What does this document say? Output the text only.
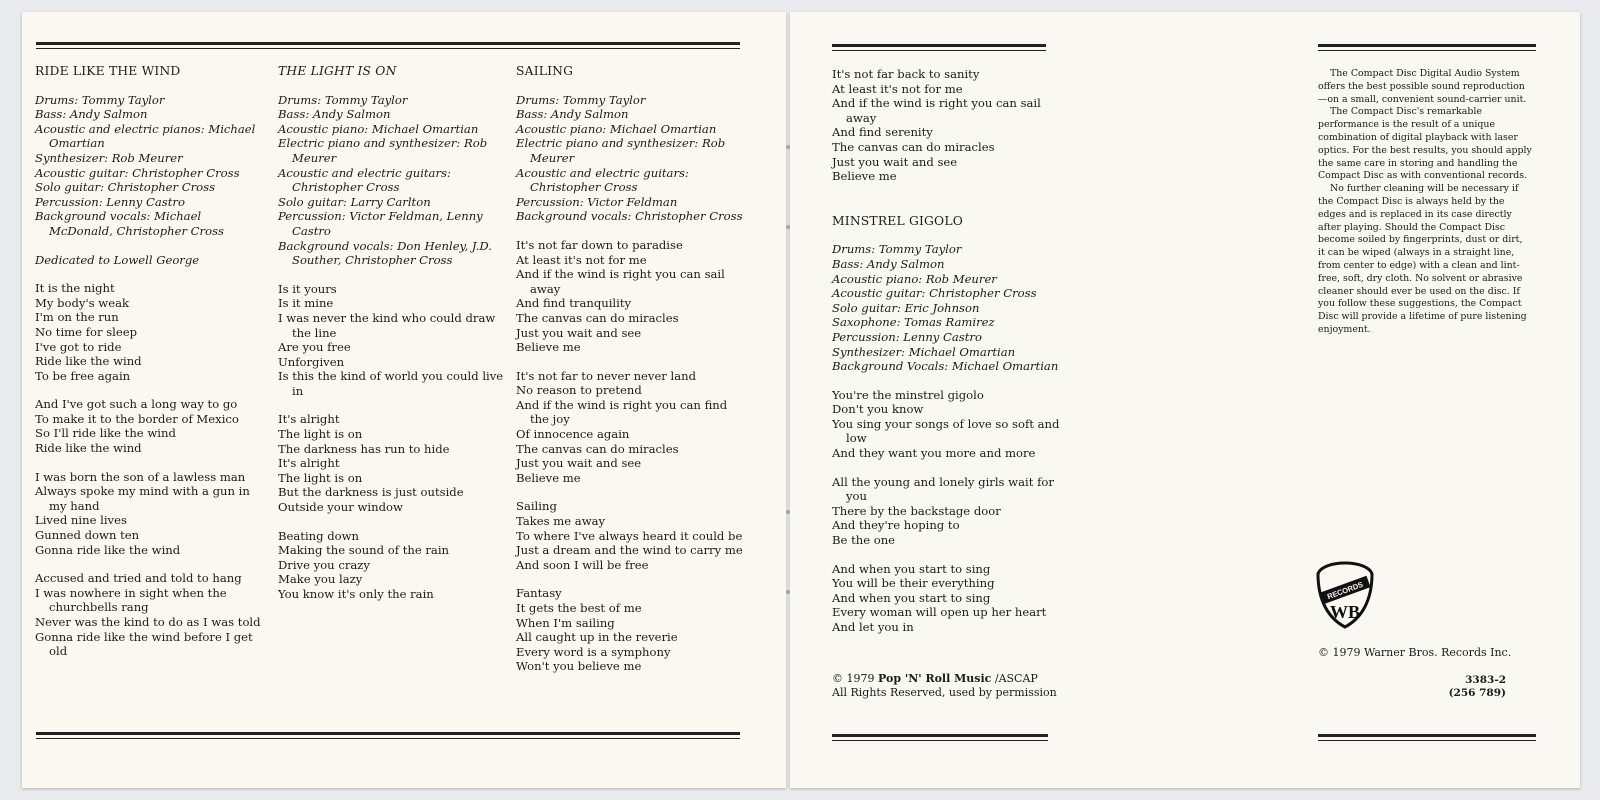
RIDE LIKE THE WIND
Drums: Tommy Taylor
Bass: Andy Salmon
Acoustic and electric pianos: Michael Omartian
Synthesizer: Rob Meurer
Acoustic guitar: Christopher Cross
Solo guitar: Christopher Cross
Percussion: Lenny Castro
Background vocals: Michael McDonald, Christopher Cross
Dedicated to Lowell George
It is the night
My body's weak
I'm on the run
No time for sleep
I've got to ride
Ride like the wind
To be free again
And I've got such a long way to go
To make it to the border of Mexico
So I'll ride like the wind
Ride like the wind
I was born the son of a lawless man
Always spoke my mind with a gun in my hand
Lived nine lives
Gunned down ten
Gonna ride like the wind
Accused and tried and told to hang
I was nowhere in sight when the churchbells rang
Never was the kind to do as I was told
Gonna ride like the wind before I get old
THE LIGHT IS ON
Drums: Tommy Taylor
Bass: Andy Salmon
Acoustic piano: Michael Omartian
Electric piano and synthesizer: Rob Meurer
Acoustic and electric guitars: Christopher Cross
Solo guitar: Larry Carlton
Percussion: Victor Feldman, Lenny Castro
Background vocals: Don Henley, J.D. Souther, Christopher Cross
Is it yours
Is it mine
I was never the kind who could draw the line
Are you free
Unforgiven
Is this the kind of world you could live in
It's alright
The light is on
The darkness has run to hide
It's alright
The light is on
But the darkness is just outside
Outside your window
Beating down
Making the sound of the rain
Drive you crazy
Make you lazy
You know it's only the rain
SAILING
Drums: Tommy Taylor
Bass: Andy Salmon
Acoustic piano: Michael Omartian
Electric piano and synthesizer: Rob Meurer
Acoustic and electric guitars: Christopher Cross
Percussion: Victor Feldman
Background vocals: Christopher Cross
It's not far down to paradise
At least it's not for me
And if the wind is right you can sail away
And find tranquility
The canvas can do miracles
Just you wait and see
Believe me
It's not far to never never land
No reason to pretend
And if the wind is right you can find the joy
Of innocence again
The canvas can do miracles
Just you wait and see
Believe me
Sailing
Takes me away
To where I've always heard it could be
Just a dream and the wind to carry me
And soon I will be free
Fantasy
It gets the best of me
When I'm sailing
All caught up in the reverie
Every word is a symphony
Won't you believe me
It's not far back to sanity
At least it's not for me
And if the wind is right you can sail away
And find serenity
The canvas can do miracles
Just you wait and see
Believe me
MINSTREL GIGOLO
Drums: Tommy Taylor
Bass: Andy Salmon
Acoustic piano: Rob Meurer
Acoustic guitar: Christopher Cross
Solo guitar: Eric Johnson
Saxophone: Tomas Ramirez
Percussion: Lenny Castro
Synthesizer: Michael Omartian
Background Vocals: Michael Omartian
You're the minstrel gigolo
Don't you know
You sing your songs of love so soft and low
And they want you more and more
All the young and lonely girls wait for you
There by the backstage door
And they're hoping to
Be the one
And when you start to sing
You will be their everything
And when you start to sing
Every woman will open up her heart
And let you in
© 1979 Pop 'N' Roll Music /ASCAP
All Rights Reserved, used by permission

The Compact Disc Digital Audio System offers the best possible sound reproduction—on a small, convenient sound-carrier unit.

The Compact Disc's remarkable performance is the result of a unique combination of digital playback with laser optics. For the best results, you should apply the same care in storing and handling the Compact Disc as with conventional records.

No further cleaning will be necessary if the Compact Disc is always held by the edges and is replaced in its case directly after playing. Should the Compact Disc become soiled by fingerprints, dust or dirt, it can be wiped (always in a straight line, from center to edge) with a clean and lint-free, soft, dry cloth. No solvent or abrasive cleaner should ever be used on the disc. If you follow these suggestions, the Compact Disc will provide a lifetime of pure listening enjoyment.

RECORDS
WB
© 1979 Warner Bros. Records Inc.
3383-2
(256 789)
